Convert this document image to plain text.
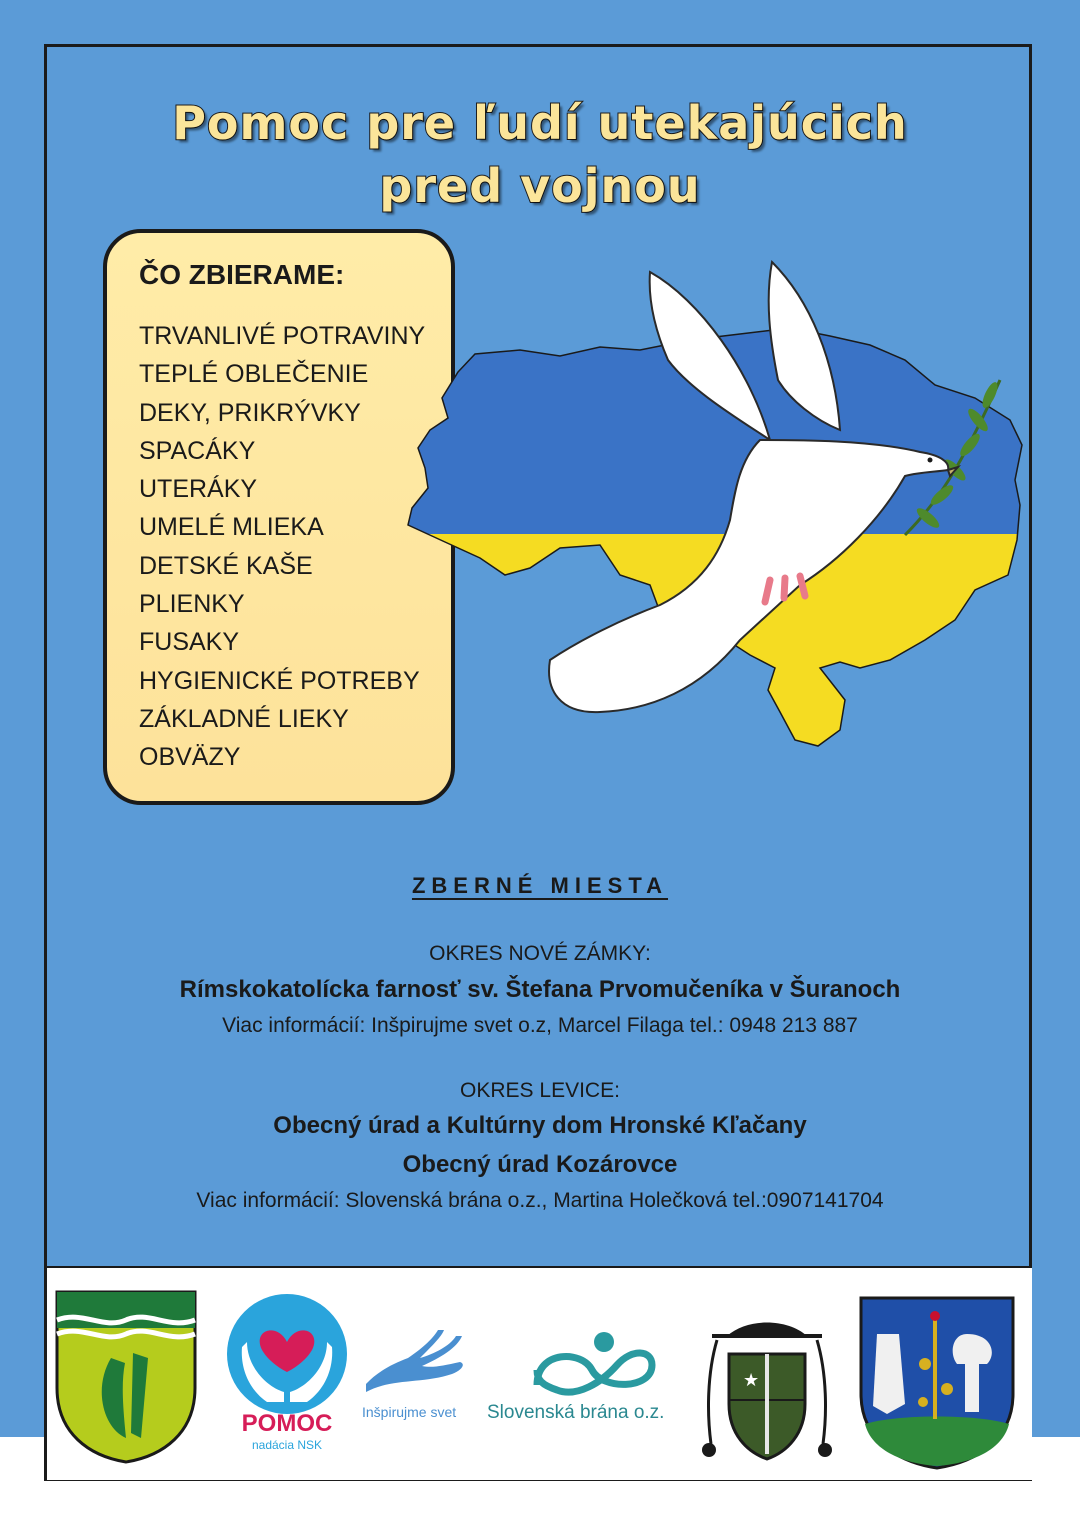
Pomoc pre ľudí utekajúcich
pred vojnou
ČO ZBIERAME:
TRVANLIVÉ POTRAVINY
TEPLÉ OBLEČENIE
DEKY, PRIKRÝVKY
SPACÁKY
UTERÁKY
UMELÉ MLIEKA
DETSKÉ KAŠE
PLIENKY
FUSAKY
HYGIENICKÉ POTREBY
ZÁKLADNÉ LIEKY
OBVÄZY
ZBERNÉ MIESTA
OKRES NOVÉ ZÁMKY:
Rímskokatolícka farnosť sv. Štefana Prvomučeníka v Šuranoch
Viac informácií: Inšpirujme svet o.z, Marcel Filaga tel.: 0948 213 887
OKRES LEVICE:
Obecný úrad a Kultúrny dom Hronské Kľačany
Obecný úrad Kozárovce
Viac informácií: Slovenská brána o.z., Martina Holečková tel.:0907141704
POMOC
nadácia NSK
Inšpirujme svet	Slovenská brána o.z.
★
